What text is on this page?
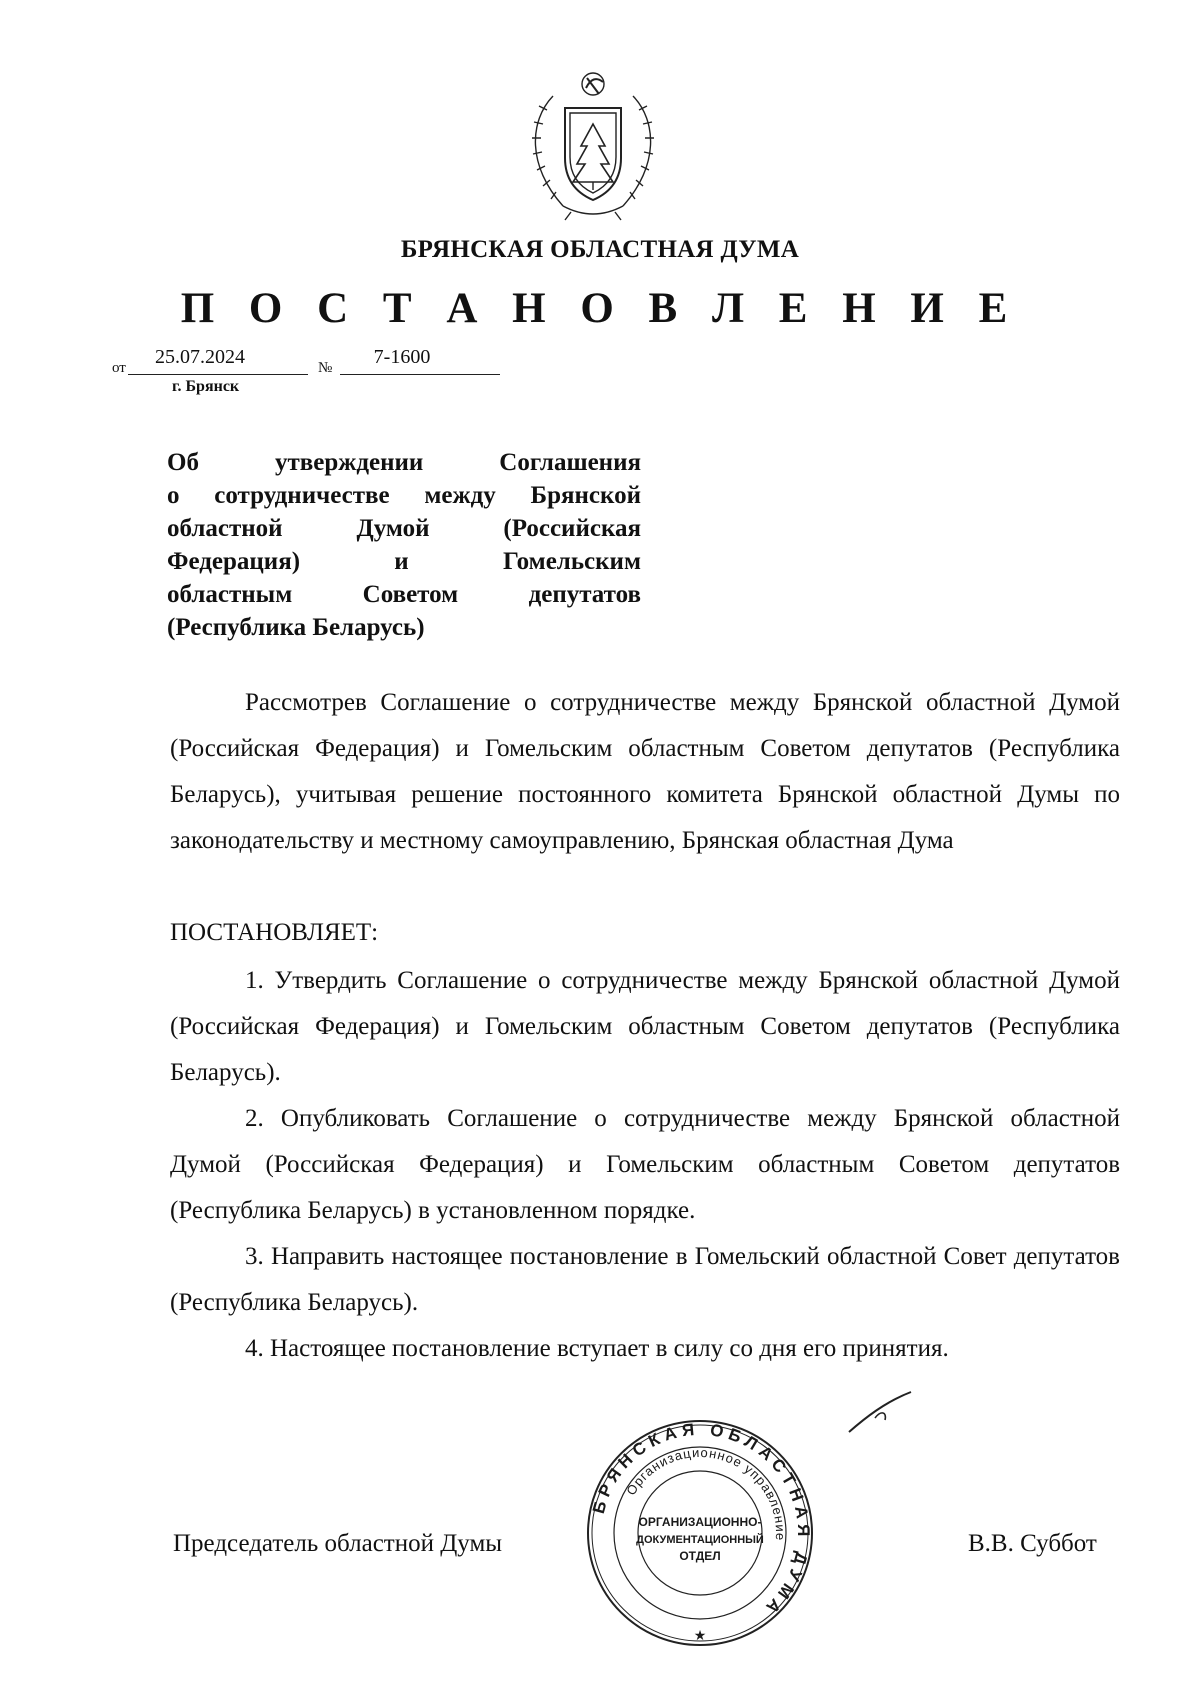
БРЯНСКАЯ ОБЛАСТНАЯ ДУМА
П О С Т А Н О В Л Е Н И Е
от	25.07.2024	№	7-1600
г. Брянск
Об утверждении Соглашения
о сотрудничестве между Брянской
областной Думой (Российская
Федерация) и Гомельским
областным Советом депутатов
(Республика Беларусь)
Рассмотрев Соглашение о сотрудничестве между Брянской областной Думой (Российская Федерация) и Гомельским областным Советом депутатов (Республика Беларусь), учитывая решение постоянного комитета Брянской областной Думы по законодательству и местному самоуправлению, Брянская областная Дума
ПОСТАНОВЛЯЕТ:

1. Утвердить Соглашение о сотрудничестве между Брянской областной Думой (Российская Федерация) и Гомельским областным Советом депутатов (Республика Беларусь).

2. Опубликовать Соглашение о сотрудничестве между Брянской областной Думой (Российская Федерация) и Гомельским областным Советом депутатов (Республика Беларусь) в установленном порядке.

3. Направить настоящее постановление в Гомельский областной Совет депутатов (Республика Беларусь).

4. Настоящее постановление вступает в силу со дня его принятия.

Председатель областной Думы	В.В. Суббот
БРЯНСКАЯ ОБЛАСТНАЯ ДУМА
Организационное управление
ОРГАНИЗАЦИОННО-
ДОКУМЕНТАЦИОННЫЙ
ОТДЕЛ
★
